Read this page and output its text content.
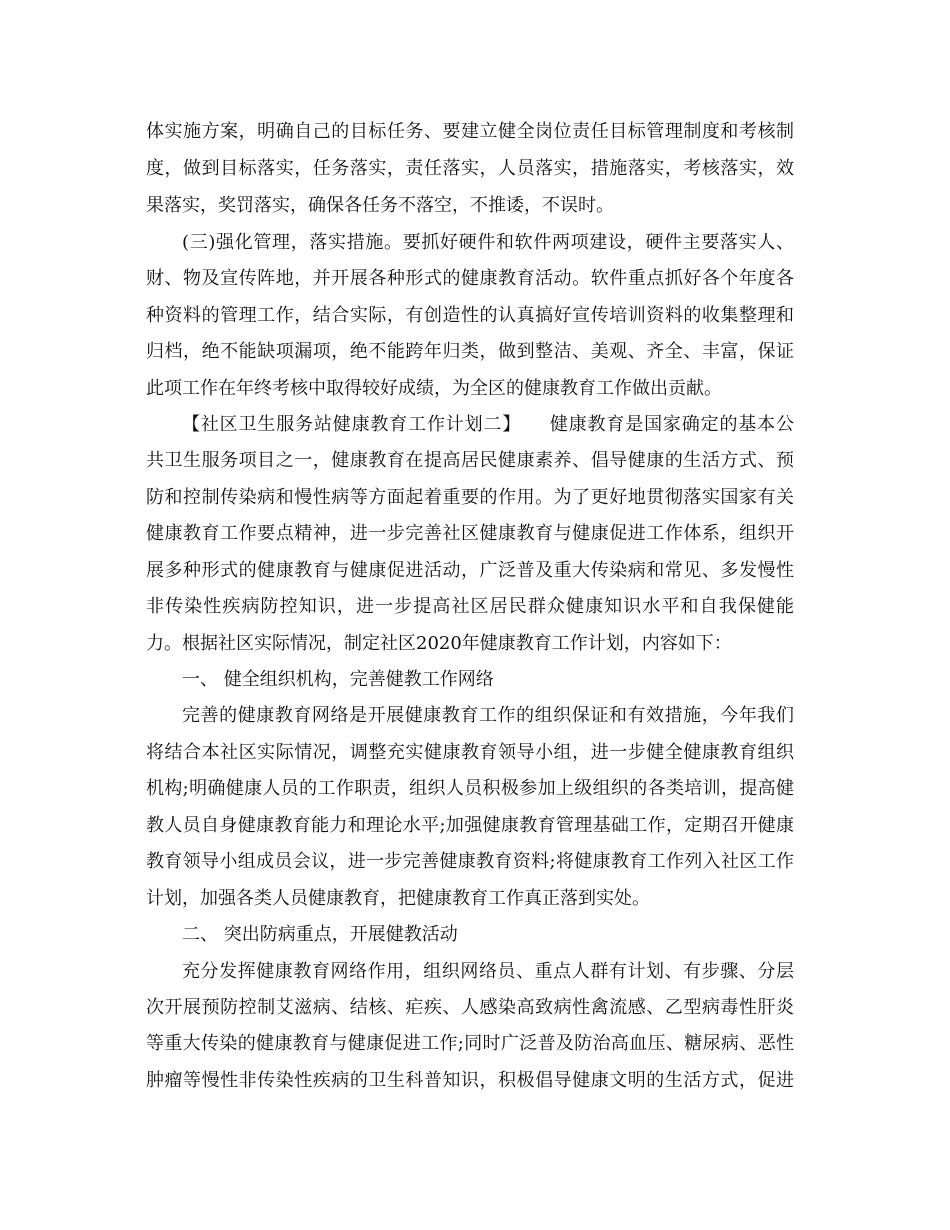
体实施方案，明确自己的目标任务、要建立健全岗位责任目标管理制度和考核制

度，做到目标落实，任务落实，责任落实，人员落实，措施落实，考核落实，效

果落实，奖罚落实，确保各任务不落空，不推诿，不误时。

(三)强化管理，落实措施。要抓好硬件和软件两项建设，硬件主要落实人、

财、物及宣传阵地，并开展各种形式的健康教育活动。软件重点抓好各个年度各

种资料的管理工作，结合实际，有创造性的认真搞好宣传培训资料的收集整理和

归档，绝不能缺项漏项，绝不能跨年归类，做到整洁、美观、齐全、丰富，保证

此项工作在年终考核中取得较好成绩，为全区的健康教育工作做出贡献。

【社区卫生服务站健康教育工作计划二】　　健康教育是国家确定的基本公

共卫生服务项目之一，健康教育在提高居民健康素养、倡导健康的生活方式、预

防和控制传染病和慢性病等方面起着重要的作用。为了更好地贯彻落实国家有关

健康教育工作要点精神，进一步完善社区健康教育与健康促进工作体系，组织开

展多种形式的健康教育与健康促进活动，广泛普及重大传染病和常见、多发慢性

非传染性疾病防控知识，进一步提高社区居民群众健康知识水平和自我保健能

力。根据社区实际情况，制定社区2020年健康教育工作计划，内容如下：

一、 健全组织机构，完善健教工作网络

完善的健康教育网络是开展健康教育工作的组织保证和有效措施，今年我们

将结合本社区实际情况，调整充实健康教育领导小组，进一步健全健康教育组织

机构;明确健康人员的工作职责，组织人员积极参加上级组织的各类培训，提高健

教人员自身健康教育能力和理论水平;加强健康教育管理基础工作，定期召开健康

教育领导小组成员会议，进一步完善健康教育资料;将健康教育工作列入社区工作

计划，加强各类人员健康教育，把健康教育工作真正落到实处。

二、 突出防病重点，开展健教活动

充分发挥健康教育网络作用，组织网络员、重点人群有计划、有步骤、分层

次开展预防控制艾滋病、结核、疟疾、人感染高致病性禽流感、乙型病毒性肝炎

等重大传染的健康教育与健康促进工作;同时广泛普及防治高血压、糖尿病、恶性

肿瘤等慢性非传染性疾病的卫生科普知识，积极倡导健康文明的生活方式，促进
